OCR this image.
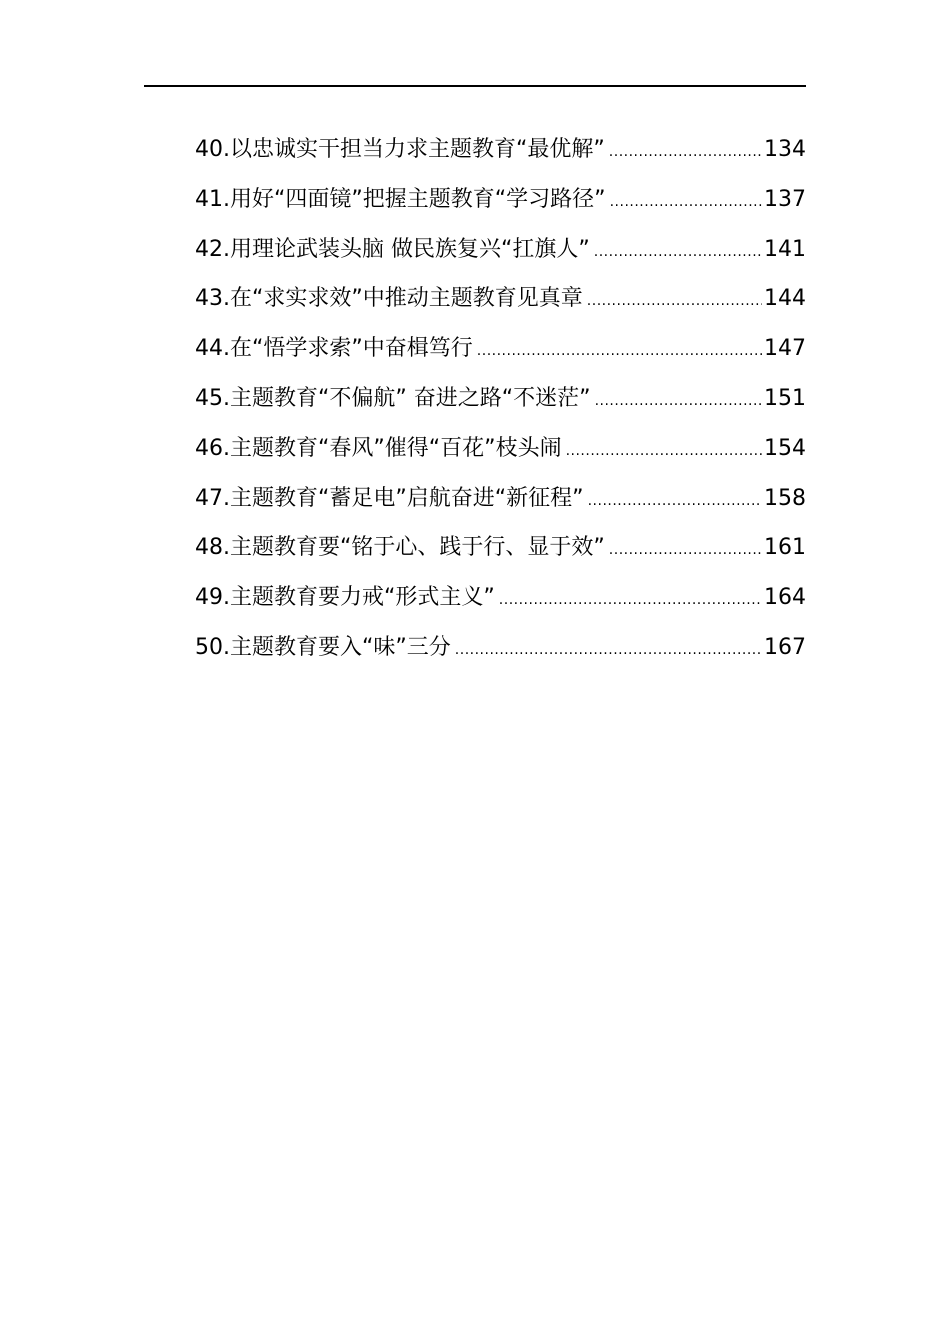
40.以忠诚实干担当力求主题教育“最优解” .....	134
41.用好“四面镜”把握主题教育“学习路径” .....	137
42.用理论武装头脑 做民族复兴“扛旗人” .....	141
43.在“求实求效”中推动主题教育见真章 .....	144
44.在“悟学求索”中奋楫笃行 .....	147
45.主题教育“不偏航” 奋进之路“不迷茫” .....	151
46.主题教育“春风”催得“百花”枝头闹 .....	154
47.主题教育“蓄足电”启航奋进“新征程” .....	158
48.主题教育要“铭于心、践于行、显于效” .....	161
49.主题教育要力戒“形式主义” .....	164
50.主题教育要入“味”三分 .....	167
